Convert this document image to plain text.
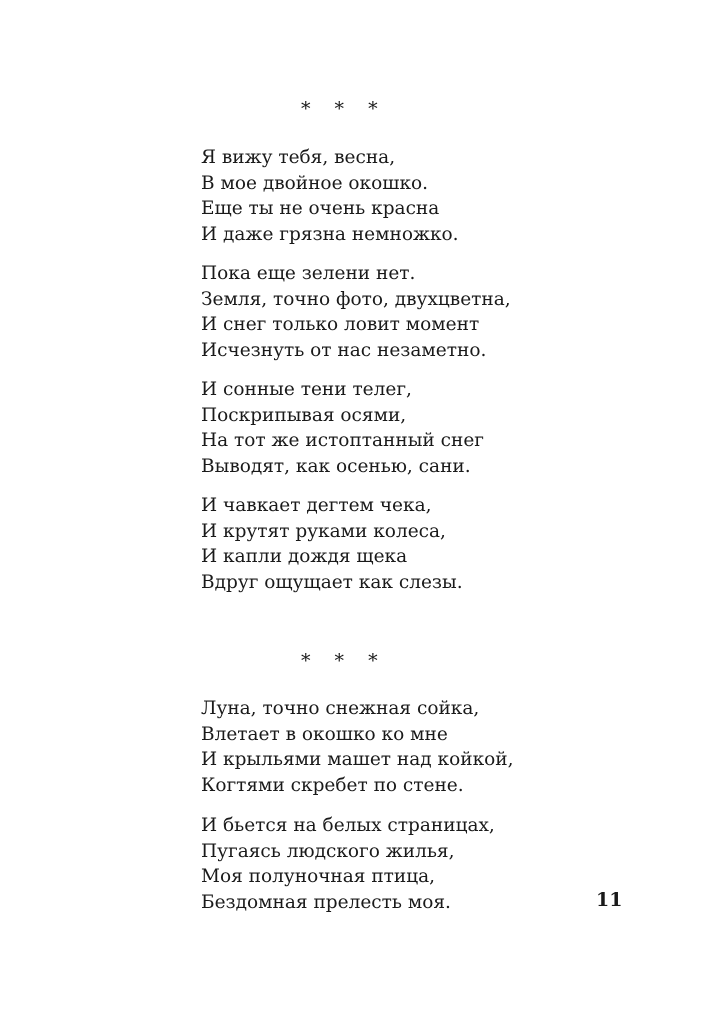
* * *
Я вижу тебя, весна,
В мое двойное окошко.
Еще ты не очень красна
И даже грязна немножко.
Пока еще зелени нет.
Земля, точно фото, двухцветна,
И снег только ловит момент
Исчезнуть от нас незаметно.
И сонные тени телег,
Поскрипывая осями,
На тот же истоптанный снег
Выводят, как осенью, сани.
И чавкает дегтем чека,
И крутят руками колеса,
И капли дождя щека
Вдруг ощущает как слезы.
* * *
Луна, точно снежная сойка,
Влетает в окошко ко мне
И крыльями машет над койкой,
Когтями скребет по стене.
И бьется на белых страницах,
Пугаясь людского жилья,
Моя полуночная птица,
Бездомная прелесть моя.	11
